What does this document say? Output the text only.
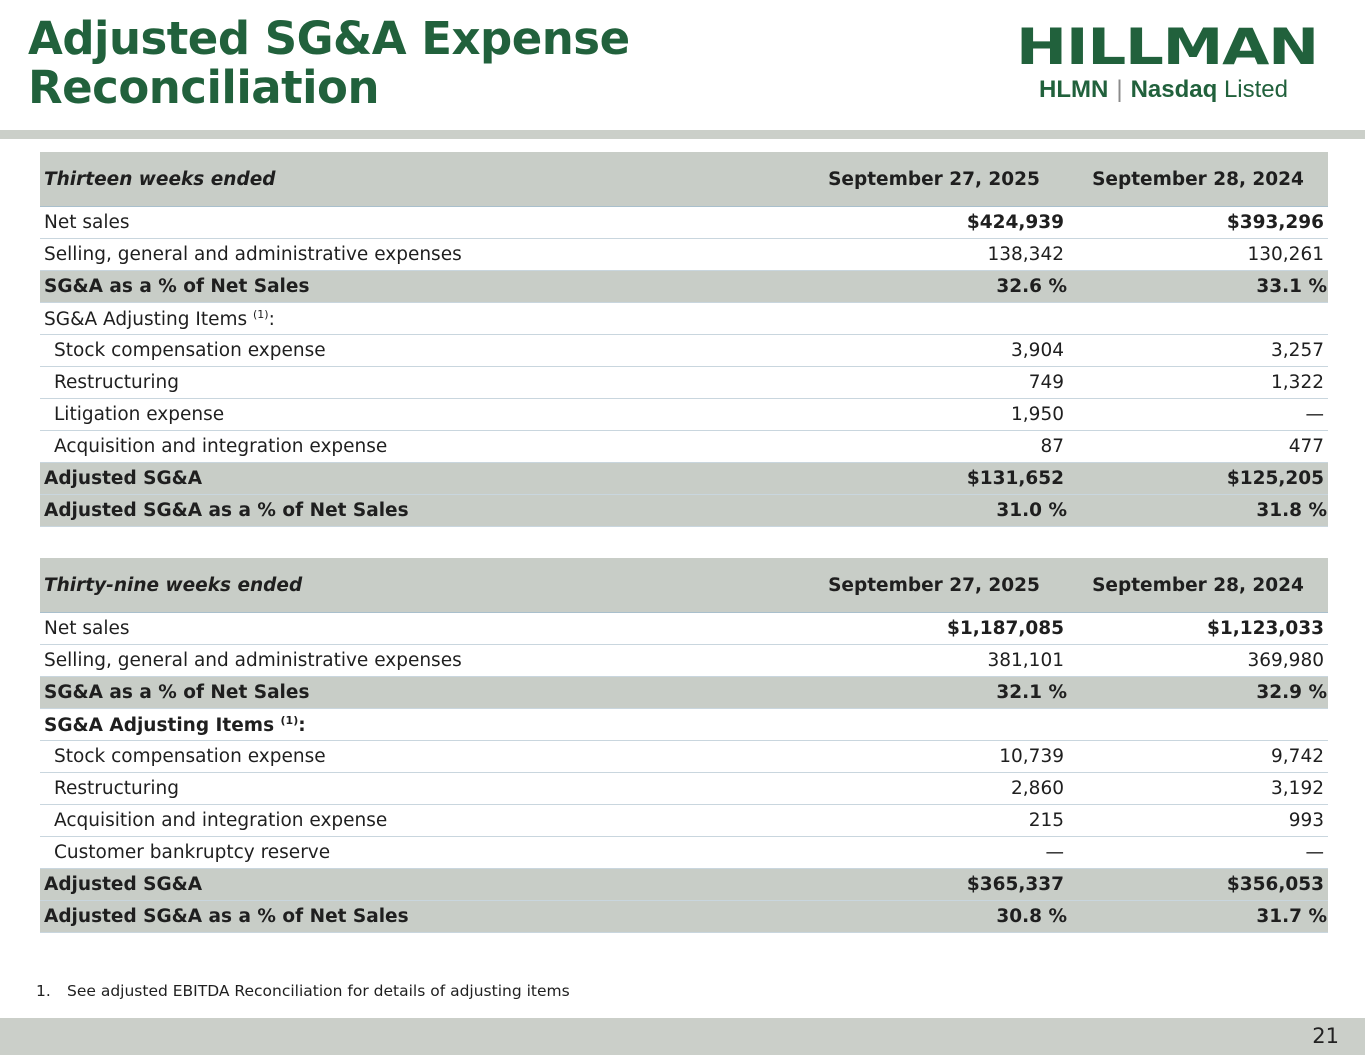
Adjusted SG&A Expense
Reconciliation
HILLMAN
HLMN | Nasdaq Listed
Thirteen weeks ended	September 27, 2025	September 28, 2024
Net sales	$424,939	$393,296
Selling, general and administrative expenses	138,342	130,261
SG&A as a % of Net Sales	32.6 %	33.1 %
SG&A Adjusting Items $^{(1)}$:		
Stock compensation expense	3,904	3,257
Restructuring	749	1,322
Litigation expense	1,950	—
Acquisition and integration expense	87	477
Adjusted SG&A	$131,652	$125,205
Adjusted SG&A as a % of Net Sales	31.0 %	31.8 %
Thirty-nine weeks ended	September 27, 2025	September 28, 2024
Net sales	$1,187,085	$1,123,033
Selling, general and administrative expenses	381,101	369,980
SG&A as a % of Net Sales	32.1 %	32.9 %
SG&A Adjusting Items $^{(1)}$:		
Stock compensation expense	10,739	9,742
Restructuring	2,860	3,192
Acquisition and integration expense	215	993
Customer bankruptcy reserve	—	—
Adjusted SG&A	$365,337	$356,053
Adjusted SG&A as a % of Net Sales	30.8 %	31.7 %
1. See adjusted EBITDA Reconciliation for details of adjusting items
21
